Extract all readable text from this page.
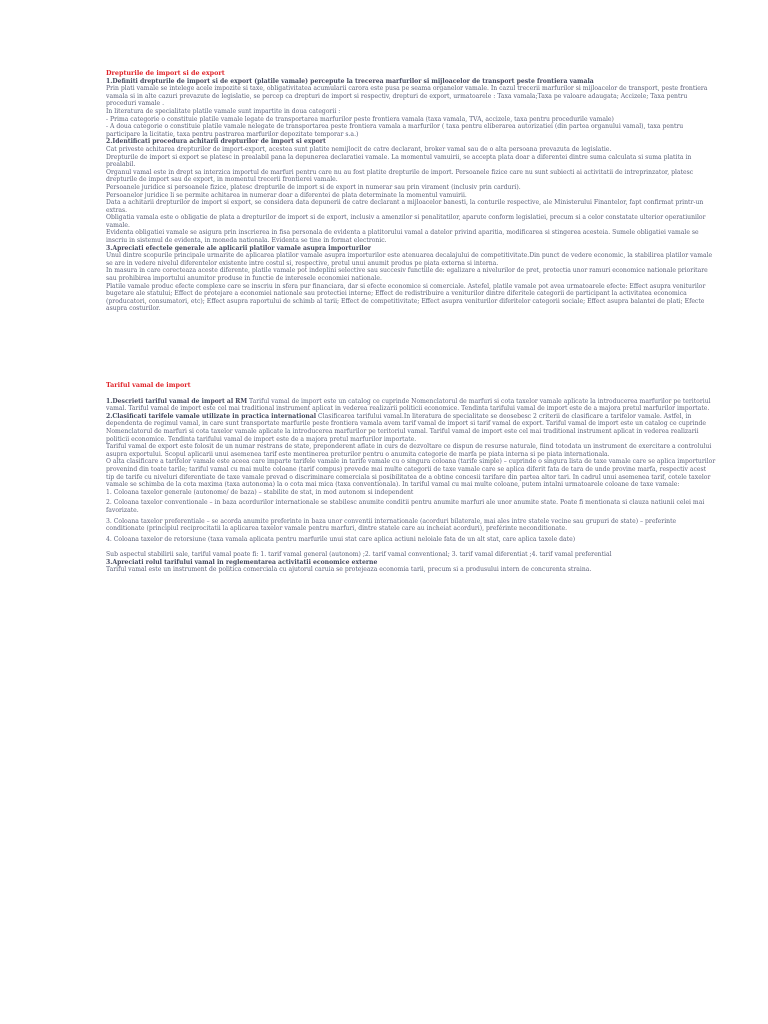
Drepturile de import si de export

1.Definiti drepturile de import si de export (platile vamale) percepute la trecerea marfurilor si mijloacelor de transport peste frontiera vamala

Prin plati vamale se intelege acele impozite si taxe, obligativitatea acumularii carora este pusa pe seama organelor vamale. In cazul trecerii marfurilor si mijloacelor de transport, peste frontiera vamala si in alte cazuri prevazute de legislatie, se percep ca drepturi de import si respectiv, drepturi de export, urmatoarele : Taxa vamala;Taxa pe valoare adaugata; Accizele; Taxa pentru proceduri vamale .

In literatura de specialitate platile vamale sunt impartite in doua categorii :

- Prima categorie o constituie platile vamale legate de transportarea marfurilor peste frontiera vamala (taxa vamala, TVA, accizele, taxa pentru procedurile vamale)

- A doua categorie o constituie platile vamale nelegate de transportarea peste frontiera vamala a marfurilor ( taxa pentru eliberarea autorizatiei (din partea organului vamal), taxa pentru participare la licitatie, taxa pentru pastrarea marfurilor depozitate temporar s.a.)

2.Identificati procedura achitarii drepturilor de import si export

Cat priveste achitarea drepturilor de import-export, acestea sunt platite nemijlocit de catre declarant, broker vamal sau de o alta persoana prevazuta de legislatie.

Drepturile de import si export se platesc in prealabil pana la depunerea declaratiei vamale. La momentul vamuirii, se accepta plata doar a diferentei dintre suma calculata si suma platita in prealabil.

Organul vamal este in drept sa interzica importul de marfuri pentru care nu au fost platite drepturile de import. Persoanele fizice care nu sunt subiecti ai activitatii de intreprinzator, platesc drepturile de import sau de export, in momentul trecerii frontierei vamale.

Persoanele juridice si persoanele fizice, platesc drepturile de import si de export in numerar sau prin virament (inclusiv prin carduri).

Persoanelor juridice li se permite achitarea in numerar doar a diferentei de plata determinate la momentul vamuirii.

Data a achitarii drepturilor de import si export, se considera data depunerii de catre declarant a mijloacelor banesti, la conturile respective, ale Ministerului Finantelor, fapt confirmat printr-un extras.

Obligatia vamala este o obligatie de plata a drepturilor de import si de export, inclusiv a amenzilor si penalitatilor, aparute conform legislatiei, precum si a celor constatate ulterior operatiunilor vamale.

Evidenta obligatiei vamale se asigura prin inscrierea in fisa personala de evidenta a platitorului vamal a datelor privind aparitia, modificarea si stingerea acesteia. Sumele obligatiei vamale se inscriu in sistemul de evidenta, in moneda nationala. Evidenta se tine in format electronic.

3.Apreciati efectele generale ale aplicarii platilor vamale asupra importurilor

Unul dintre scopurile principale urmarite de aplicarea platilor vamale asupra importurilor este atenuarea decalajului de competitivitate.Din punct de vedere economic, la stabilirea platilor vamale se are in vedere nivelul diferentelor existente intre costul si, respective, pretul unui anumit produs pe piata externa si interna.

In masura in care corecteaza aceste diferente, platile vamale pot indeplini selective sau succesiv functiile de: egalizare a nivelurilor de pret, protectia unor ramuri economice nationale prioritare sau prohibirea importului anumitor produse in functie de interesele economiei nationale.

Platile vamale produc efecte complexe care se inscriu in sfera pur financiara, dar si efecte economice si comerciale. Astefel, platile vamale pot avea urmatoarele efecte: Effect asupra veniturilor bugetare ale statului; Effect de protejare a economiei nationale sau protectiei interne; Effect de redistribuire a veniturilor dintre diferitele categorii de participant la activitatea economica (producatori, consumatori, etc); Effect asupra raportului de schimb al tarii; Effect de competitivitate; Effect asupra veniturilor diferitelor categorii sociale; Effect asupra balantei de plati; Efecte asupra costurilor.

Tariful vamal de import

1.Descrieti tariful vamal de import al RM Tariful vamal de import este un catalog ce cuprinde Nomenclatorul de marfuri si cota taxelor vamale aplicate la introducerea marfurilor pe teritoriul vamal. Tariful vamal de import este cel mai traditional instrument aplicat in vederea realizarii politicii economice. Tendinta tarifului vamal de import este de a majora pretul marfurilor importate.

2.Clasificati tarifele vamale utilizate in practica international Clasificarea tarifului vamal.In literatura de specialitate se deosebesc 2 criterii de clasificare a tarifelor vamale. Astfel, in dependenta de regimul vamal, in care sunt transportate marfurile peste frontiera vamala avem tarif vamal de import si tarif vamal de export. Tariful vamal de import este un catalog ce cuprinde Nomenclatorul de marfuri si cota taxelor vamale aplicate la introducerea marfurilor pe teritoriul vamal. Tariful vamal de import este cel mai traditional instrument aplicat in vederea realizarii politicii economice. Tendinta tarifului vamal de import este de a majora pretul marfurilor importate.

Tariful vamal de export este folosit de un numar restrans de state, preponderent aflate in curs de dezvoltare ce dispun de resurse naturale, fiind totodata un instrument de exercitare a controlului asupra exportului. Scopul aplicarii unui asemenea tarif este mentinerea preturilor pentru o anumita categorie de marfa pe piata interna si pe piata internationala.

O alta clasificare a tarifelor vamale este aceea care imparte tarifele vamale in tarife vamale cu o singura coloana (tarife simple) – cuprinde o singura lista de taxe vamale care se aplica importurilor provenind din toate tarile; tariful vamal cu mai multe coloane (tarif compus) prevede mai multe categorii de taxe vamale care se aplica diferit fata de tara de unde provine marfa, respectiv acest tip de tarife cu niveluri diferentiate de taxe vamale prevad o discriminare comerciala si posibilitatea de a obtine concesii tarifare din partea altor tari. In cadrul unui asemenea tarif, cotele taxelor vamale se schimba de la cota maxima (taxa autonoma) la o cota mai mica (taxa conventionala). In tariful vamal cu mai multe coloane, putem intalni urmatoarele coloane de taxe vamale:

1. Coloana taxelor generale (autonome/ de baza) – stabilite de stat, in mod autonom si independent

2. Coloana taxelor conventionale – in baza acordurilor internationale se stabilesc anumite conditii pentru anumite marfuri ale unor anumite state. Poate fi mentionata si clauza natiunii celei mai favorizate.

3. Coloana taxelor preferentiale – se acorda anumite preferinte in baza unor conventii internationale (acorduri bilaterale, mai ales intre statele vecine sau grupuri de state) – preferinte conditionate (principiul reciprocitatii la aplicarea taxelor vamale pentru marfuri, dintre statele care au incheiat acorduri), preférinte neconditionate.

4. Coloana taxelor de retorsiune (taxa vamala aplicata pentru marfurile unui stat care aplica actiuni neloiale fata de un alt stat, care aplica taxele date)

Sub aspectul stabilirii sale, tariful vamal poate fi: 1. tarif vamal general (autonom) ;2. tarif vamal conventional; 3. tarif vamal diferentiat ;4. tarif vamal preferential

3.Apreciati rolul tarifului vamal in reglementarea activitatii economice externe

Tariful vamal este un instrument de politica comerciala cu ajutorul caruia se protejeaza economia tarii, precum si a produsului intern de concurenta straina.
